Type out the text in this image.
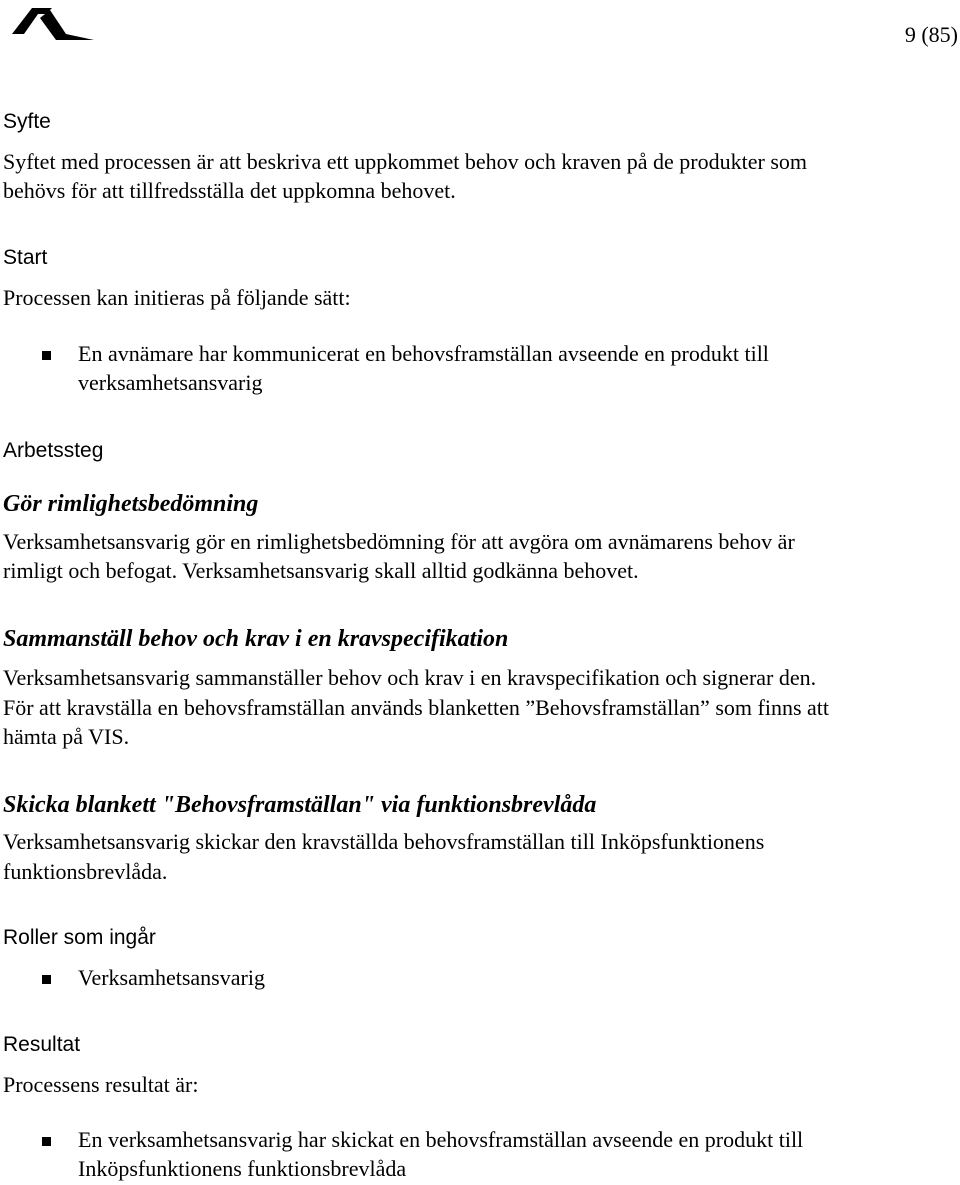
9 (85)
Syfte
Syftet med processen är att beskriva ett uppkommet behov och kraven på de produkter som
behövs för att tillfredsställa det uppkomna behovet.
Start
Processen kan initieras på följande sätt:
En avnämare har kommunicerat en behovsframställan avseende en produkt till
verksamhetsansvarig
Arbetssteg
Gör rimlighetsbedömning
Verksamhetsansvarig gör en rimlighetsbedömning för att avgöra om avnämarens behov är
rimligt och befogat. Verksamhetsansvarig skall alltid godkänna behovet.
Sammanställ behov och krav i en kravspecifikation
Verksamhetsansvarig sammanställer behov och krav i en kravspecifikation och signerar den.
För att kravställa en behovsframställan används blanketten ”Behovsframställan” som finns att
hämta på VIS.
Skicka blankett "Behovsframställan" via funktionsbrevlåda
Verksamhetsansvarig skickar den kravställda behovsframställan till Inköpsfunktionens
funktionsbrevlåda.
Roller som ingår
Verksamhetsansvarig
Resultat
Processens resultat är:
En verksamhetsansvarig har skickat en behovsframställan avseende en produkt till
Inköpsfunktionens funktionsbrevlåda
